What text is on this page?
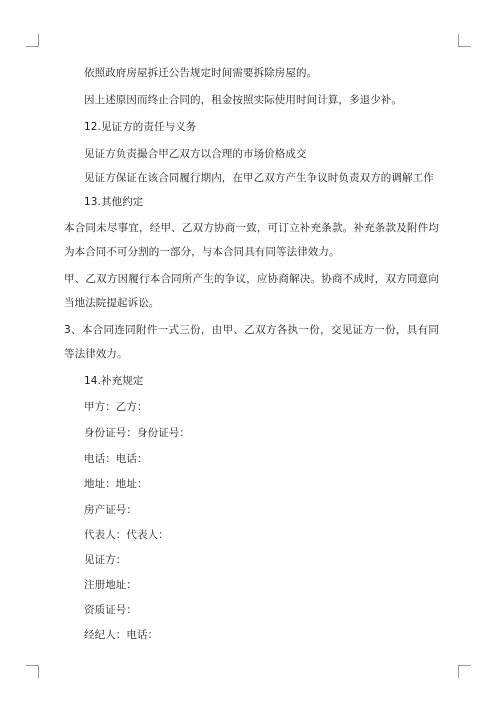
依照政府房屋拆迁公告规定时间需要拆除房屋的。
因上述原因而终止合同的，租金按照实际使用时间计算，多退少补。
12.见证方的责任与义务
见证方负责撮合甲乙双方以合理的市场价格成交
见证方保证在该合同履行期内，在甲乙双方产生争议时负责双方的调解工作
13.其他约定
本合同未尽事宜，经甲、乙双方协商一致，可订立补充条款。补充条款及附件均
为本合同不可分割的一部分，与本合同具有同等法律效力。
甲、乙双方因履行本合同所产生的争议，应协商解决。协商不成时，双方同意向
当地法院提起诉讼。
3、本合同连同附件一式三份，由甲、乙双方各执一份，交见证方一份，具有同
等法律效力。
14.补充规定
甲方：乙方：
身份证号：身份证号：
电话：电话：
地址：地址：
房产证号：
代表人：代表人：
见证方：
注册地址：
资质证号：
经纪人：电话：
